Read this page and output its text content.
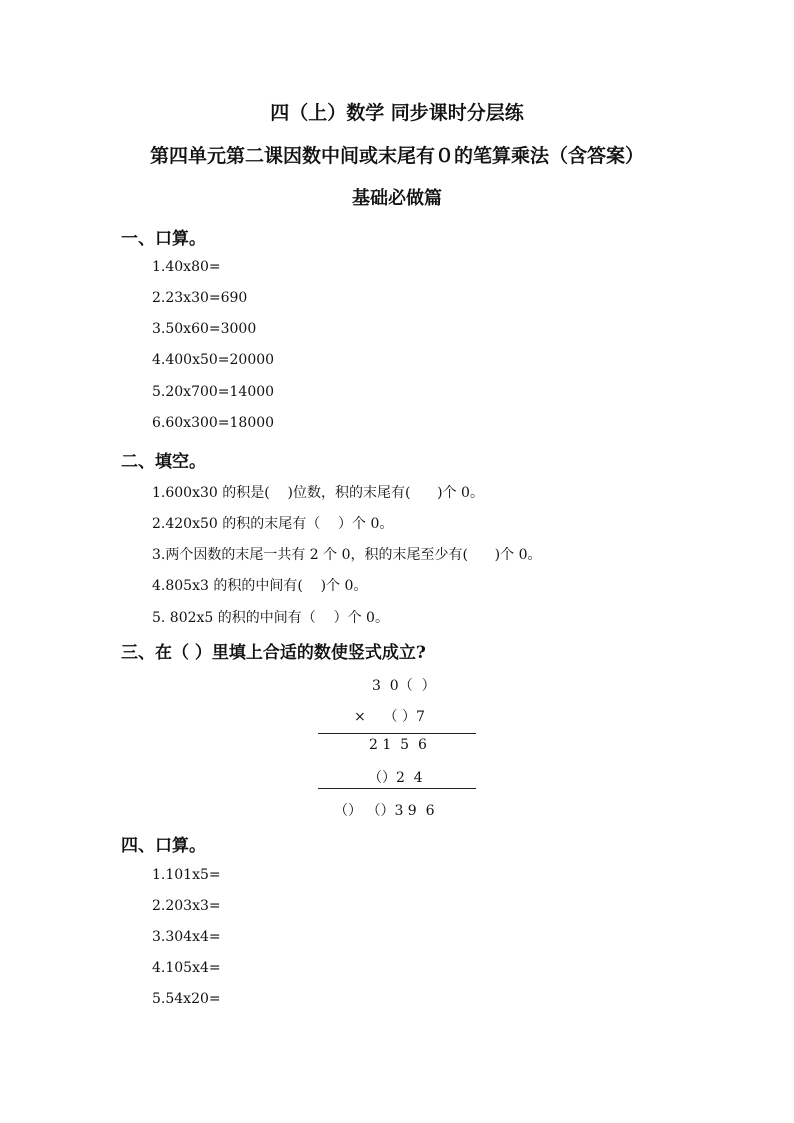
四（上）数学 同步课时分层练
第四单元第二课因数中间或末尾有０的笔算乘法（含答案）
基础必做篇

一、口算。

1.40x80=

2.23x30=690

3.50x60=3000

4.400x50=20000

5.20x700=14000

6.60x300=18000

二、填空。

1.600x30 的积是(    )位数，积的末尾有(      )个 0。

2.420x50 的积的末尾有（    ）个 0。

3.两个因数的末尾一共有 2 个 0，积的末尾至少有(      )个 0。

4.805x3 的积的中间有(    )个 0。

5. 802x5 的积的中间有（    ）个 0。

三、在（ ）里填上合适的数使竖式成立?

3  0（  ）

×    （ ）7

2 1  5  6

（）2  4

（） （）3 9  6

四、口算。

1.101x5=

2.203x3=

3.304x4=

4.105x4=

5.54x20=
